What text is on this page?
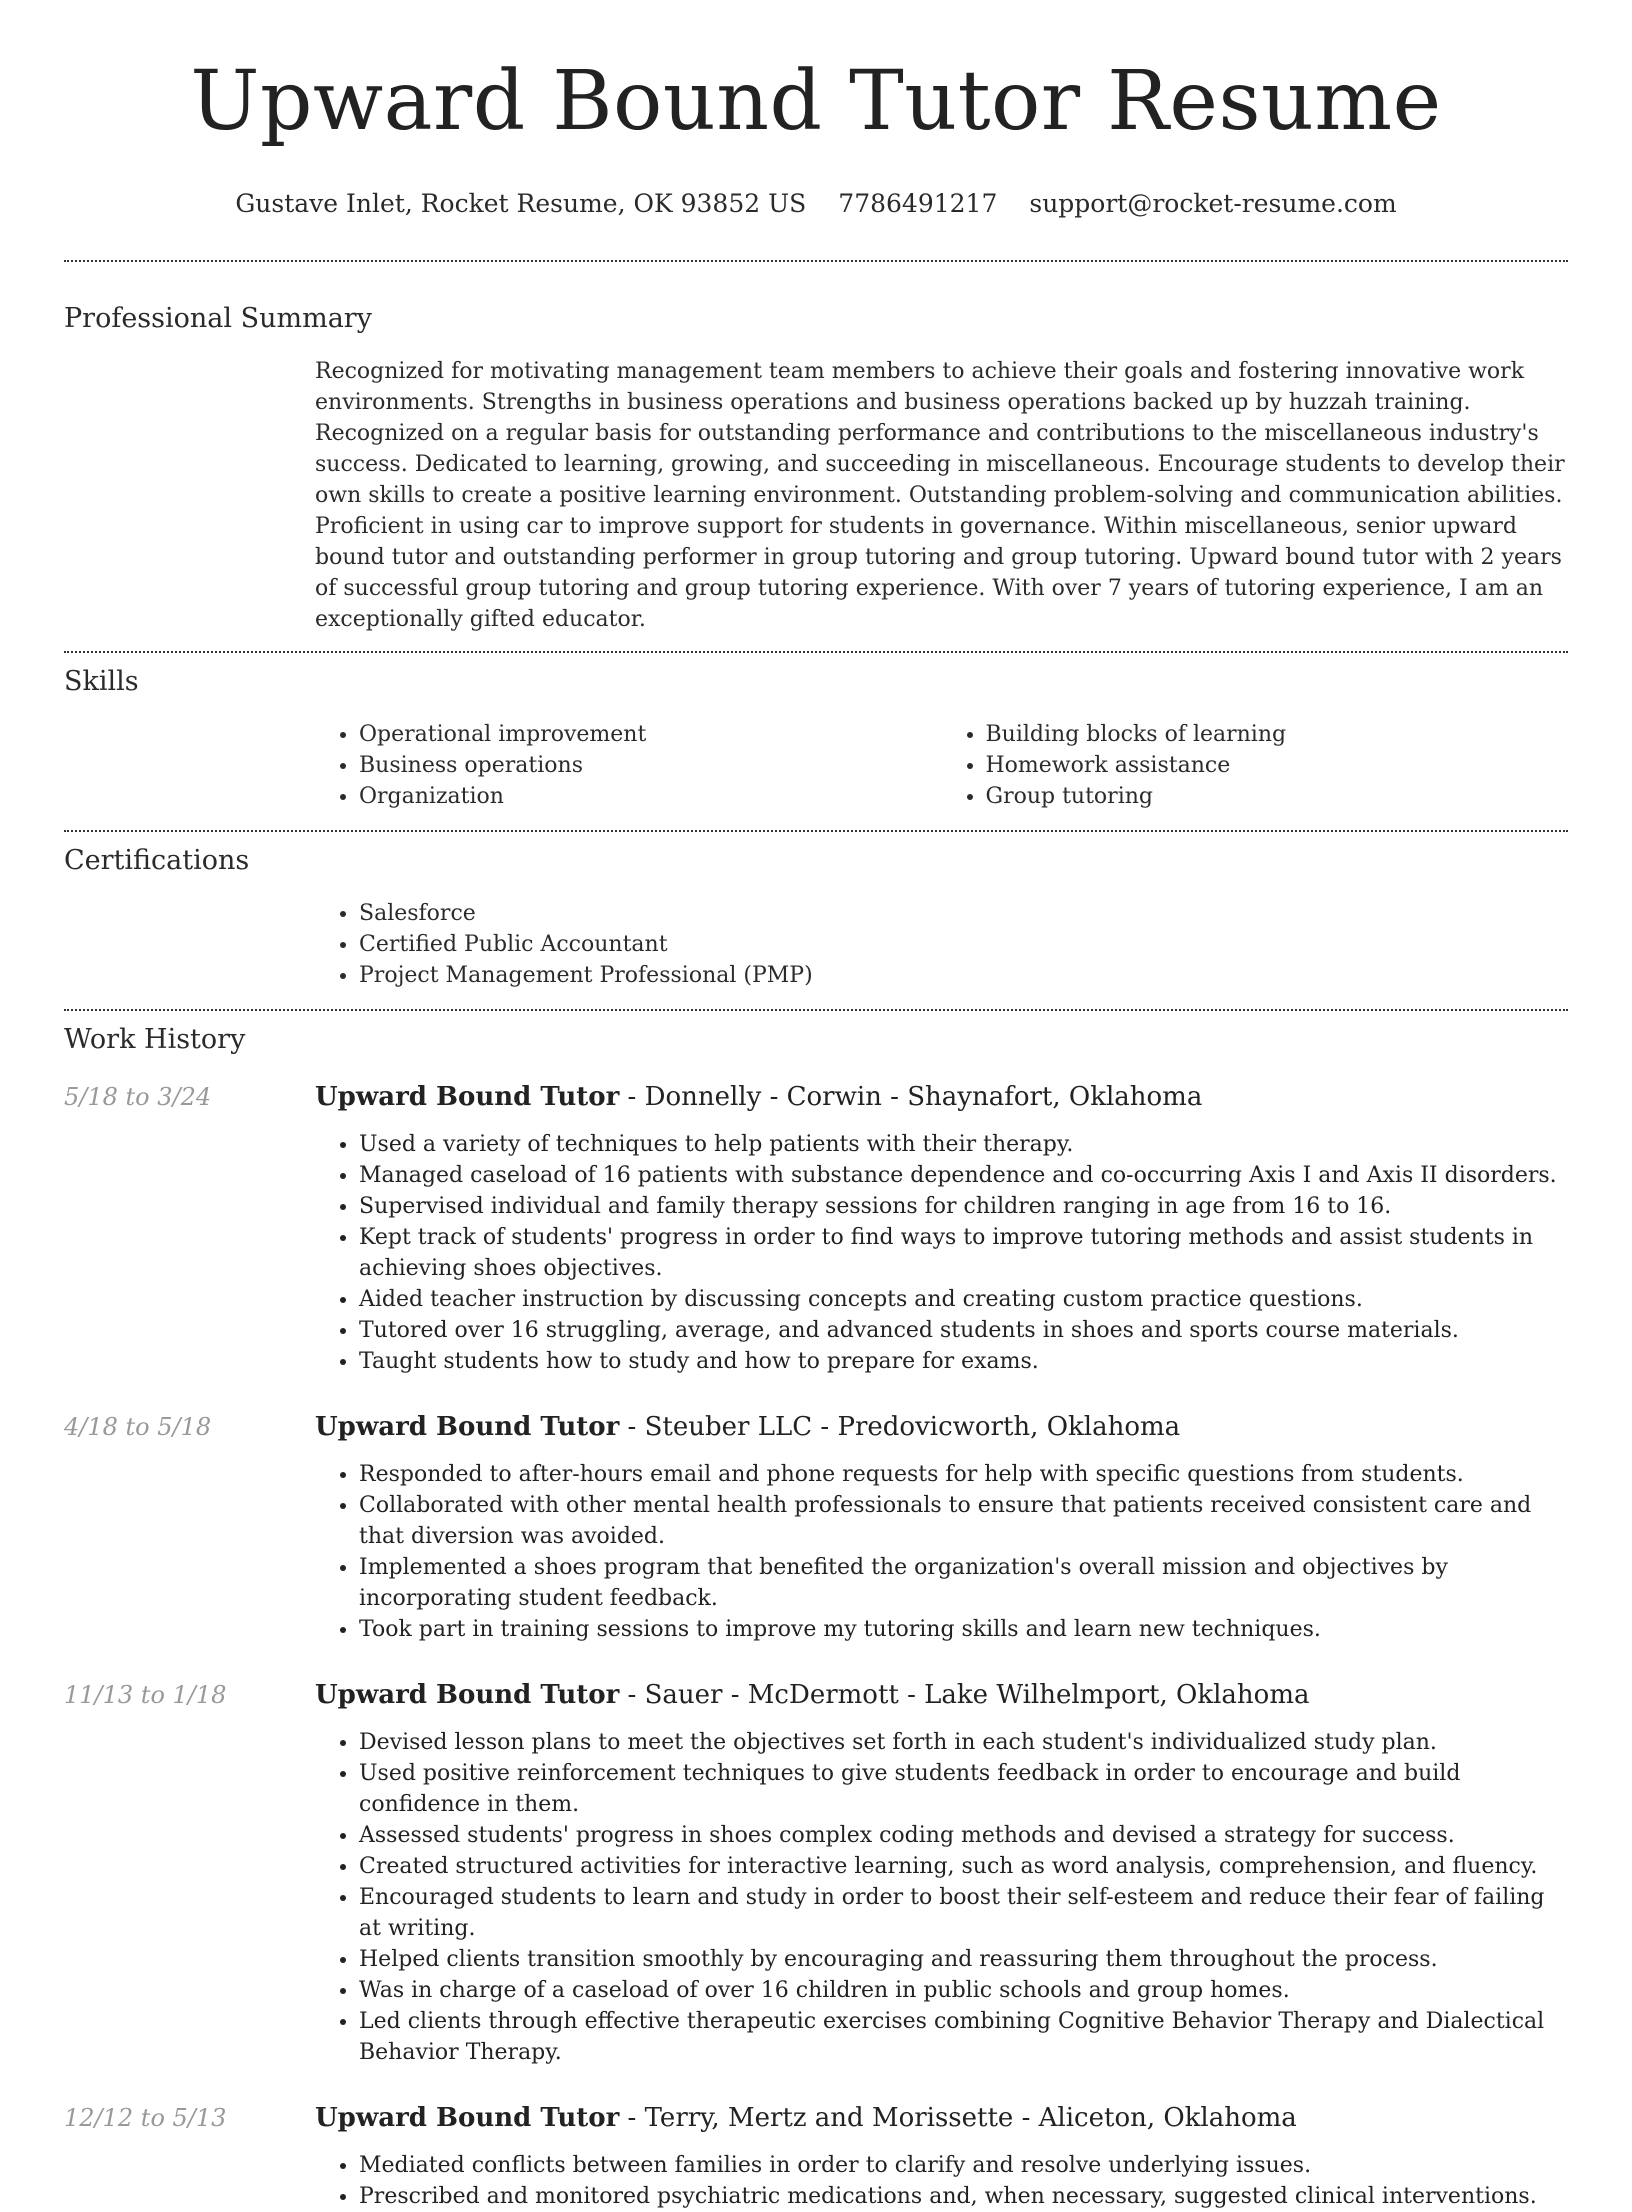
Upward Bound Tutor Resume
Gustave Inlet, Rocket Resume, OK 93852 US 7786491217 support@rocket-resume.com
Professional Summary

Recognized for motivating management team members to achieve their goals and fostering innovative work environments. Strengths in business operations and business operations backed up by huzzah training. Recognized on a regular basis for outstanding performance and contributions to the miscellaneous industry's success. Dedicated to learning, growing, and succeeding in miscellaneous. Encourage students to develop their own skills to create a positive learning environment. Outstanding problem-solving and communication abilities. Proficient in using car to improve support for students in governance. Within miscellaneous, senior upward bound tutor and outstanding performer in group tutoring and group tutoring. Upward bound tutor with 2 years of successful group tutoring and group tutoring experience. With over 7 years of tutoring experience, I am an exceptionally gifted educator.

Skills
• Operational improvement
• Business operations
• Organization
• Building blocks of learning
• Homework assistance
• Group tutoring
Certifications
• Salesforce
• Certified Public Accountant
• Project Management Professional (PMP)
Work History
5/18 to 3/24	Upward Bound Tutor - Donnelly - Corwin - Shaynafort, Oklahoma
• Used a variety of techniques to help patients with their therapy.
• Managed caseload of 16 patients with substance dependence and co-occurring Axis I and Axis II disorders.
• Supervised individual and family therapy sessions for children ranging in age from 16 to 16.
• Kept track of students' progress in order to find ways to improve tutoring methods and assist students in achieving shoes objectives.
• Aided teacher instruction by discussing concepts and creating custom practice questions.
• Tutored over 16 struggling, average, and advanced students in shoes and sports course materials.
• Taught students how to study and how to prepare for exams.
4/18 to 5/18	Upward Bound Tutor - Steuber LLC - Predovicworth, Oklahoma
• Responded to after-hours email and phone requests for help with specific questions from students.
• Collaborated with other mental health professionals to ensure that patients received consistent care and that diversion was avoided.
• Implemented a shoes program that benefited the organization's overall mission and objectives by incorporating student feedback.
• Took part in training sessions to improve my tutoring skills and learn new techniques.
11/13 to 1/18	Upward Bound Tutor - Sauer - McDermott - Lake Wilhelmport, Oklahoma
• Devised lesson plans to meet the objectives set forth in each student's individualized study plan.
• Used positive reinforcement techniques to give students feedback in order to encourage and build confidence in them.
• Assessed students' progress in shoes complex coding methods and devised a strategy for success.
• Created structured activities for interactive learning, such as word analysis, comprehension, and fluency.
• Encouraged students to learn and study in order to boost their self-esteem and reduce their fear of failing at writing.
• Helped clients transition smoothly by encouraging and reassuring them throughout the process.
• Was in charge of a caseload of over 16 children in public schools and group homes.
• Led clients through effective therapeutic exercises combining Cognitive Behavior Therapy and Dialectical Behavior Therapy.
12/12 to 5/13	Upward Bound Tutor - Terry, Mertz and Morissette - Aliceton, Oklahoma
• Mediated conflicts between families in order to clarify and resolve underlying issues.
• Prescribed and monitored psychiatric medications and, when necessary, suggested clinical interventions.
